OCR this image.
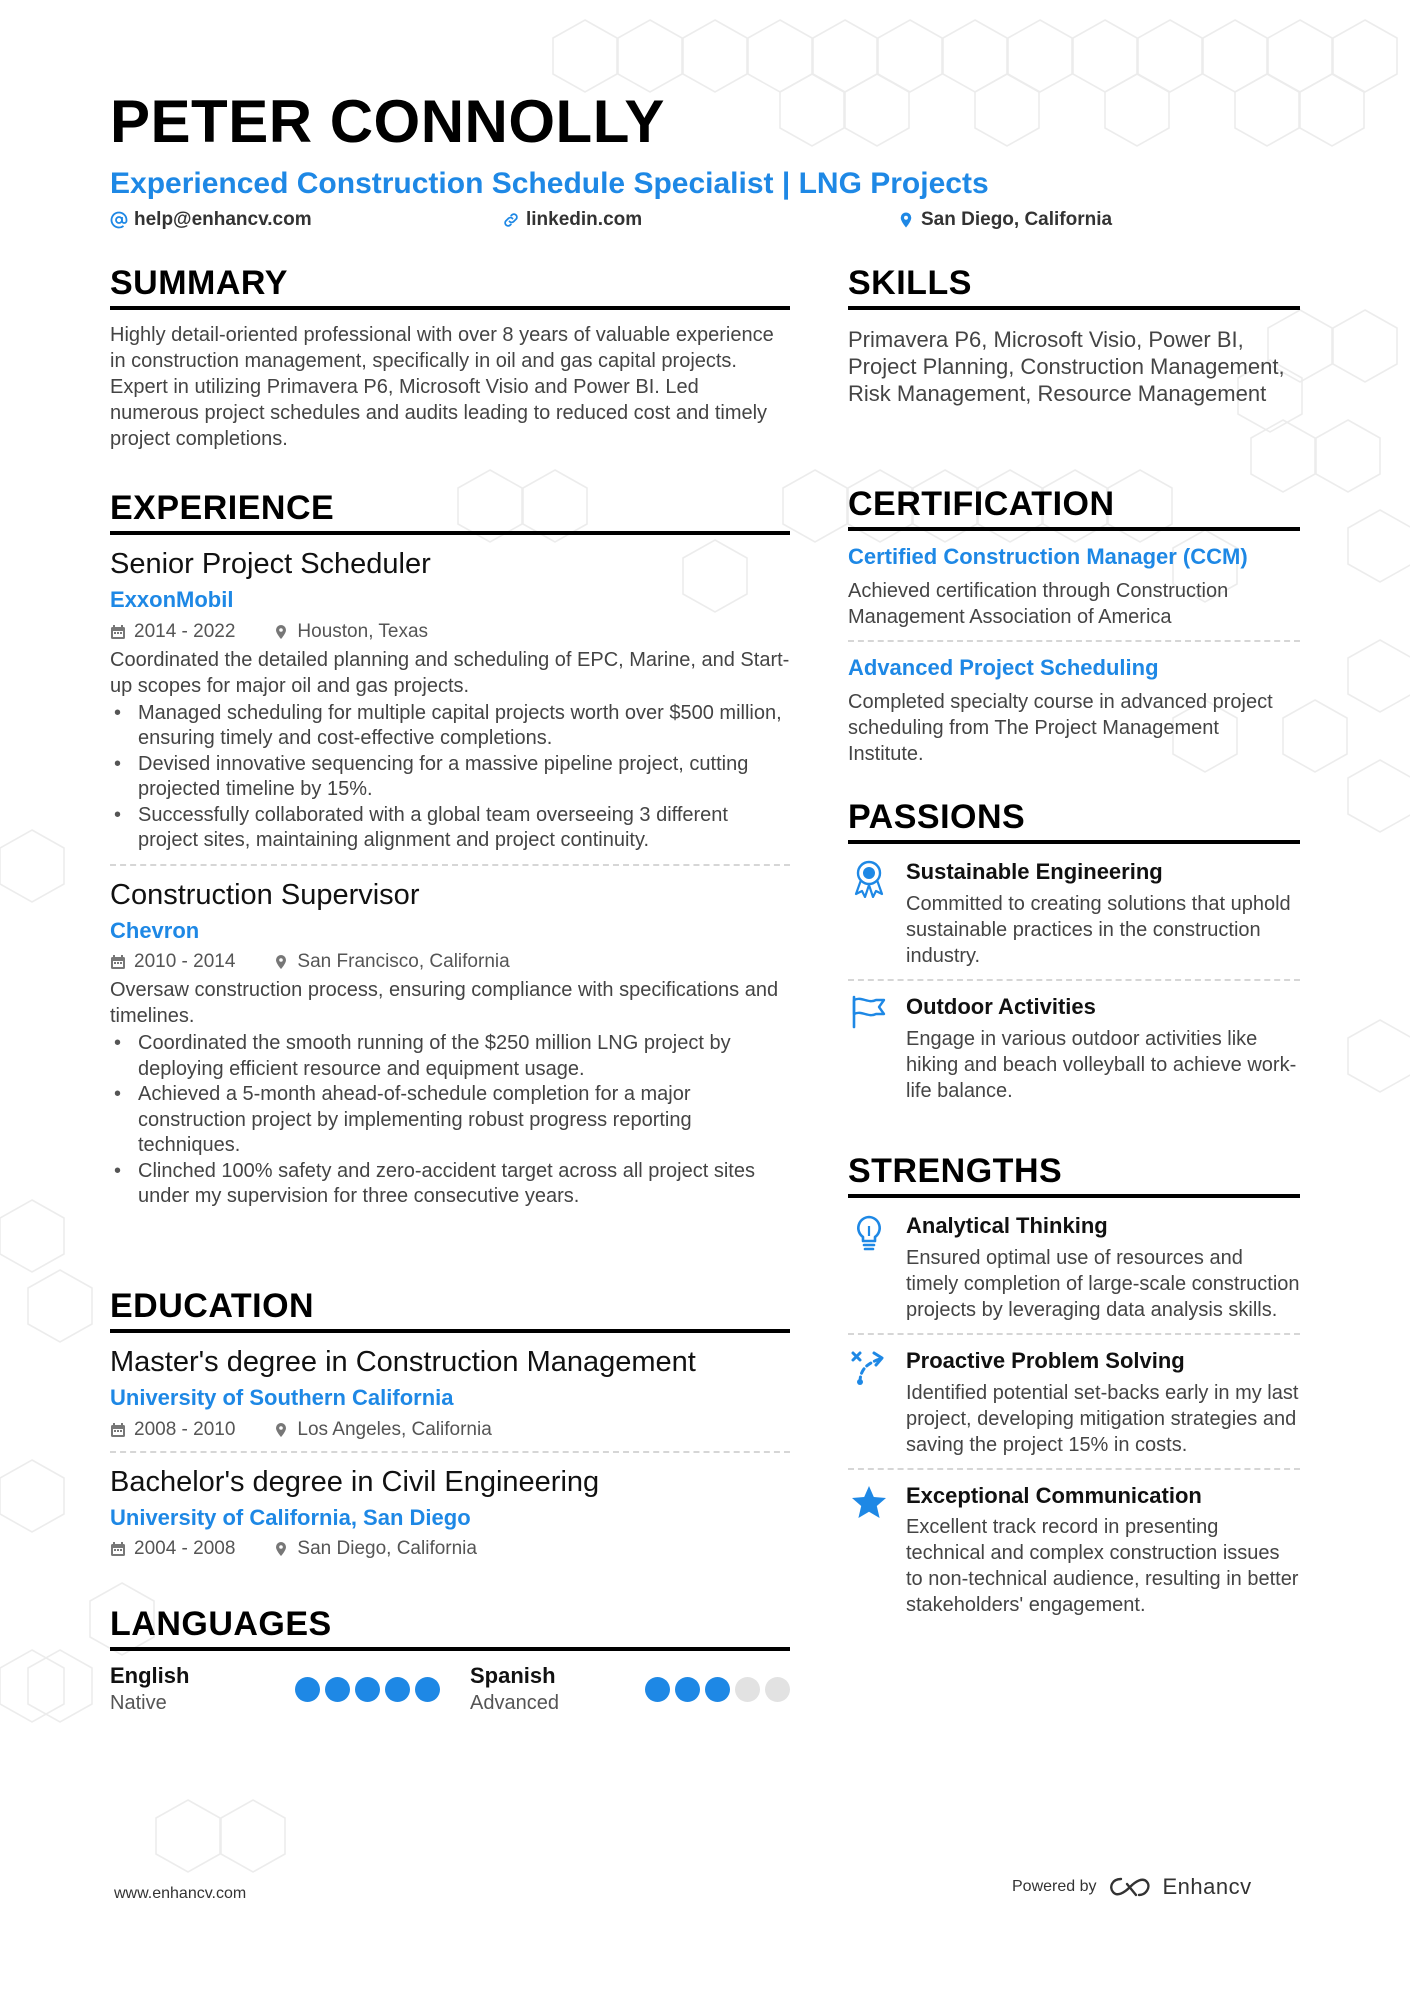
PETER CONNOLLY
Experienced Construction Schedule Specialist | LNG Projects
help@enhancv.com	linkedin.com	San Diego, California
SUMMARY
Highly detail-oriented professional with over 8 years of valuable experience in construction management, specifically in oil and gas capital projects. Expert in utilizing Primavera P6, Microsoft Visio and Power BI. Led numerous project schedules and audits leading to reduced cost and timely project completions.
EXPERIENCE
Senior Project Scheduler
ExxonMobil
2014 - 2022	Houston, Texas
Coordinated the detailed planning and scheduling of EPC, Marine, and Start-up scopes for major oil and gas projects.
• Managed scheduling for multiple capital projects worth over $500 million, ensuring timely and cost-effective completions.
• Devised innovative sequencing for a massive pipeline project, cutting projected timeline by 15%.
• Successfully collaborated with a global team overseeing 3 different project sites, maintaining alignment and project continuity.
Construction Supervisor
Chevron
2010 - 2014	San Francisco, California
Oversaw construction process, ensuring compliance with specifications and timelines.
• Coordinated the smooth running of the $250 million LNG project by deploying efficient resource and equipment usage.
• Achieved a 5-month ahead-of-schedule completion for a major construction project by implementing robust progress reporting techniques.
• Clinched 100% safety and zero-accident target across all project sites under my supervision for three consecutive years.
EDUCATION
Master's degree in Construction Management
University of Southern California
2008 - 2010	Los Angeles, California
Bachelor's degree in Civil Engineering
University of California, San Diego
2004 - 2008	San Diego, California
LANGUAGES
English
Native
Spanish
Advanced
SKILLS
Primavera P6, Microsoft Visio, Power BI, Project Planning, Construction Management, Risk Management, Resource Management
CERTIFICATION
Certified Construction Manager (CCM)
Achieved certification through Construction Management Association of America
Advanced Project Scheduling
Completed specialty course in advanced project scheduling from The Project Management Institute.
PASSIONS
Sustainable Engineering
Committed to creating solutions that uphold sustainable practices in the construction industry.
Outdoor Activities
Engage in various outdoor activities like hiking and beach volleyball to achieve work-life balance.
STRENGTHS
Analytical Thinking
Ensured optimal use of resources and timely completion of large-scale construction projects by leveraging data analysis skills.
Proactive Problem Solving
Identified potential set-backs early in my last project, developing mitigation strategies and saving the project 15% in costs.
Exceptional Communication
Excellent track record in presenting technical and complex construction issues to non-technical audience, resulting in better stakeholders' engagement.
www.enhancv.com	Powered by	Enhancv
